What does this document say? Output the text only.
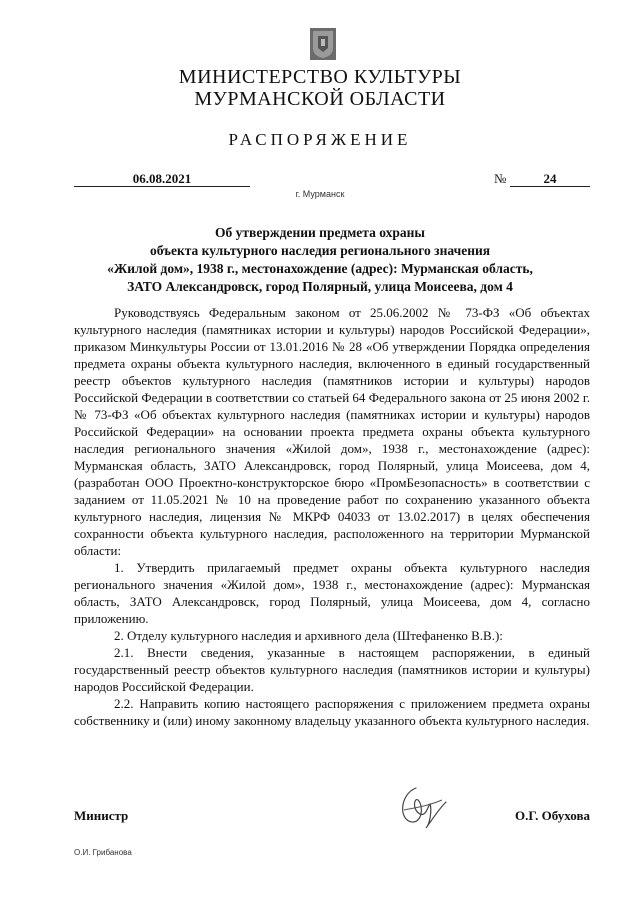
МИНИСТЕРСТВО КУЛЬТУРЫ
МУРМАНСКОЙ ОБЛАСТИ
РАСПОРЯЖЕНИЕ
06.08.2021	№	24
г. Мурманск
Об утверждении предмета охраны
объекта культурного наследия регионального значения
«Жилой дом», 1938 г., местонахождение (адрес): Мурманская область,
ЗАТО Александровск, город Полярный, улица Моисеева, дом 4

Руководствуясь Федеральным законом от 25.06.2002 № 73-ФЗ «Об объектах культурного наследия (памятниках истории и культуры) народов Российской Федерации», приказом Минкультуры России от 13.01.2016 № 28 «Об утверждении Порядка определения предмета охраны объекта культурного наследия, включенного в единый государственный реестр объектов культурного наследия (памятников истории и культуры) народов Российской Федерации в соответствии со статьей 64 Федерального закона от 25 июня 2002 г. № 73-ФЗ «Об объектах культурного наследия (памятниках истории и культуры) народов Российской Федерации» на основании проекта предмета охраны объекта культурного наследия регионального значения «Жилой дом», 1938 г., местонахождение (адрес): Мурманская область, ЗАТО Александровск, город Полярный, улица Моисеева, дом 4, (разработан ООО Проектно-конструкторское бюро «ПромБезопасность» в соответствии с заданием от 11.05.2021 № 10 на проведение работ по сохранению указанного объекта культурного наследия, лицензия № МКРФ 04033 от 13.02.2017) в целях обеспечения сохранности объекта культурного наследия, расположенного на территории Мурманской области:

1. Утвердить прилагаемый предмет охраны объекта культурного наследия регионального значения «Жилой дом», 1938 г., местонахождение (адрес): Мурманская область, ЗАТО Александровск, город Полярный, улица Моисеева, дом 4, согласно приложению.

2. Отделу культурного наследия и архивного дела (Штефаненко В.В.):

2.1. Внести сведения, указанные в настоящем распоряжении, в единый государственный реестр объектов культурного наследия (памятников истории и культуры) народов Российской Федерации.

2.2. Направить копию настоящего распоряжения с приложением предмета охраны собственнику и (или) иному законному владельцу указанного объекта культурного наследия.

Министр	О.Г. Обухова
О.И. Грибанова
